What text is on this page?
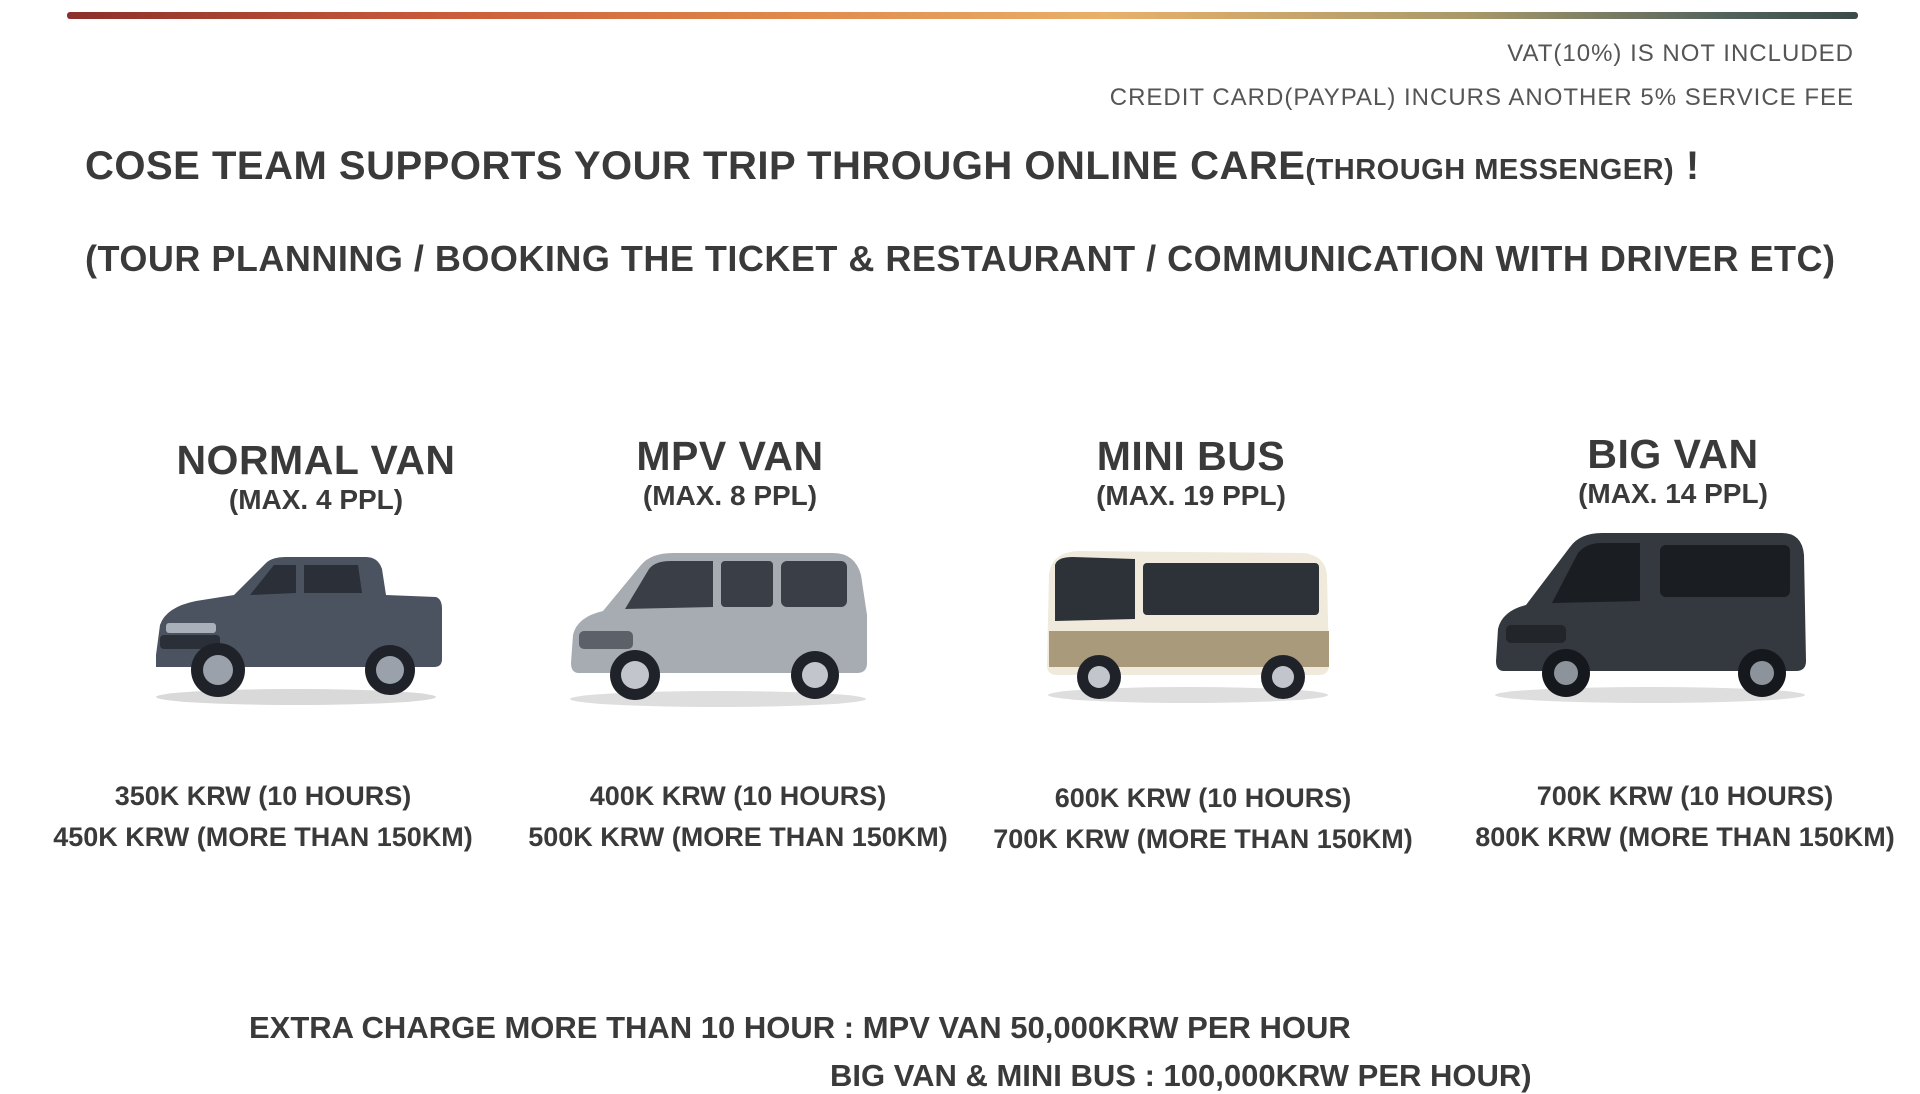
VAT(10%) IS NOT INCLUDED
CREDIT CARD(PAYPAL) INCURS ANOTHER 5% SERVICE FEE
COSE TEAM SUPPORTS YOUR TRIP THROUGH ONLINE CARE(THROUGH MESSENGER) !
(TOUR PLANNING / BOOKING THE TICKET & RESTAURANT / COMMUNICATION WITH DRIVER ETC)
NORMAL VAN
(MAX. 4 PPL)
350K KRW (10 HOURS)
450K KRW (MORE THAN 150KM)
MPV VAN
(MAX. 8 PPL)
400K KRW (10 HOURS)
500K KRW (MORE THAN 150KM)
MINI BUS
(MAX. 19 PPL)
600K KRW (10 HOURS)
700K KRW (MORE THAN 150KM)
BIG VAN
(MAX. 14 PPL)
700K KRW (10 HOURS)
800K KRW (MORE THAN 150KM)
EXTRA CHARGE MORE THAN 10 HOUR : MPV VAN 50,000KRW PER HOUR
BIG VAN & MINI BUS : 100,000KRW PER HOUR)
